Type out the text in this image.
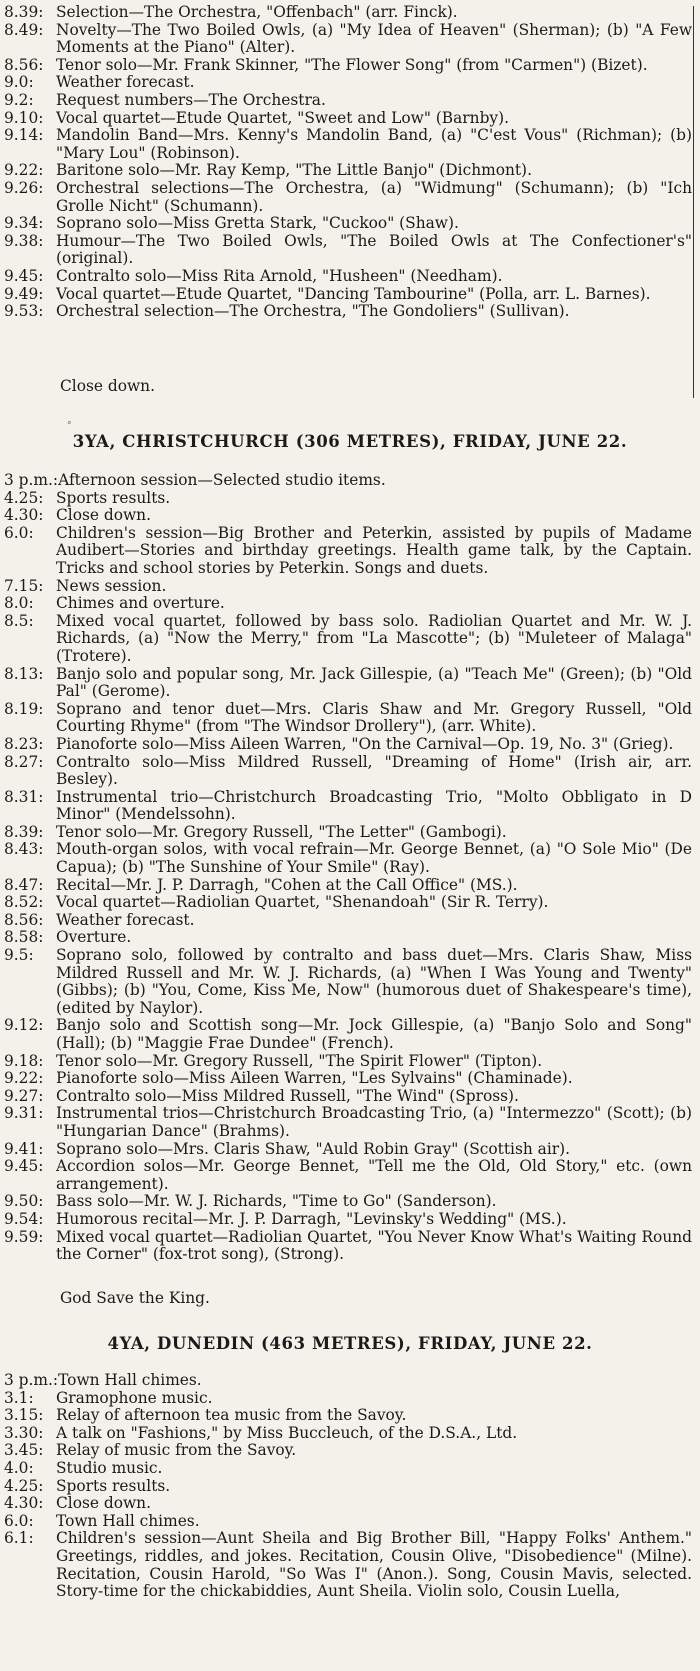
8.39: Selection—The Orchestra, "Offenbach" (arr. Finck).
8.49: Novelty—The Two Boiled Owls, (a) "My Idea of Heaven" (Sherman); (b) "A Few Moments at the Piano" (Alter).
8.56: Tenor solo—Mr. Frank Skinner, "The Flower Song" (from "Carmen") (Bizet).
9.0:	Weather forecast.
9.2:	Request numbers—The Orchestra.
9.10: Vocal quartet—Etude Quartet, "Sweet and Low" (Barnby).
9.14: Mandolin Band—Mrs. Kenny's Mandolin Band, (a) "C'est Vous" (Richman); (b) "Mary Lou" (Robinson).
9.22: Baritone solo—Mr. Ray Kemp, "The Little Banjo" (Dichmont).
9.26: Orchestral selections—The Orchestra, (a) "Widmung" (Schumann); (b) "Ich Grolle Nicht" (Schumann).
9.34: Soprano solo—Miss Gretta Stark, "Cuckoo" (Shaw).
9.38: Humour—The Two Boiled Owls, "The Boiled Owls at The Confectioner's" (original).
9.45: Contralto solo—Miss Rita Arnold, "Husheen" (Needham).
9.49: Vocal quartet—Etude Quartet, "Dancing Tambourine" (Polla, arr. L. Barnes).
9.53: Orchestral selection—The Orchestra, "The Gondoliers" (Sullivan).
Close down.
°
3YA, CHRISTCHURCH (306 METRES), FRIDAY, JUNE 22.
3 p.m.: Afternoon session—Selected studio items.
4.25: Sports results.
4.30: Close down.
6.0:	Children's session—Big Brother and Peterkin, assisted by pupils of Madame Audibert—Stories and birthday greetings. Health game talk, by the Captain. Tricks and school stories by Peterkin. Songs and duets.
7.15: News session.
8.0:	Chimes and overture.
8.5:	Mixed vocal quartet, followed by bass solo. Radiolian Quartet and Mr. W. J. Richards, (a) "Now the Merry," from "La Mascotte"; (b) "Muleteer of Malaga" (Trotere).
8.13: Banjo solo and popular song, Mr. Jack Gillespie, (a) "Teach Me" (Green); (b) "Old Pal" (Gerome).
8.19: Soprano and tenor duet—Mrs. Claris Shaw and Mr. Gregory Russell, "Old Courting Rhyme" (from "The Windsor Drollery"), (arr. White).
8.23: Pianoforte solo—Miss Aileen Warren, "On the Carnival—Op. 19, No. 3" (Grieg).
8.27: Contralto solo—Miss Mildred Russell, "Dreaming of Home" (Irish air, arr. Besley).
8.31: Instrumental trio—Christchurch Broadcasting Trio, "Molto Obbligato in D Minor" (Mendelssohn).
8.39: Tenor solo—Mr. Gregory Russell, "The Letter" (Gambogi).
8.43: Mouth-organ solos, with vocal refrain—Mr. George Bennet, (a) "O Sole Mio" (De Capua); (b) "The Sunshine of Your Smile" (Ray).
8.47: Recital—Mr. J. P. Darragh, "Cohen at the Call Office" (MS.).
8.52: Vocal quartet—Radiolian Quartet, "Shenandoah" (Sir R. Terry).
8.56: Weather forecast.
8.58: Overture.
9.5:	Soprano solo, followed by contralto and bass duet—Mrs. Claris Shaw, Miss Mildred Russell and Mr. W. J. Richards, (a) "When I Was Young and Twenty" (Gibbs); (b) "You, Come, Kiss Me, Now" (humorous duet of Shakespeare's time), (edited by Naylor).
9.12: Banjo solo and Scottish song—Mr. Jock Gillespie, (a) "Banjo Solo and Song" (Hall); (b) "Maggie Frae Dundee" (French).
9.18: Tenor solo—Mr. Gregory Russell, "The Spirit Flower" (Tipton).
9.22: Pianoforte solo—Miss Aileen Warren, "Les Sylvains" (Chaminade).
9.27: Contralto solo—Miss Mildred Russell, "The Wind" (Spross).
9.31: Instrumental trios—Christchurch Broadcasting Trio, (a) "Intermezzo" (Scott); (b) "Hungarian Dance" (Brahms).
9.41: Soprano solo—Mrs. Claris Shaw, "Auld Robin Gray" (Scottish air).
9.45: Accordion solos—Mr. George Bennet, "Tell me the Old, Old Story," etc. (own arrangement).
9.50: Bass solo—Mr. W. J. Richards, "Time to Go" (Sanderson).
9.54: Humorous recital—Mr. J. P. Darragh, "Levinsky's Wedding" (MS.).
9.59: Mixed vocal quartet—Radiolian Quartet, "You Never Know What's Waiting Round the Corner" (fox-trot song), (Strong).
God Save the King.
4YA, DUNEDIN (463 METRES), FRIDAY, JUNE 22.
3 p.m.: Town Hall chimes.
3.1:	Gramophone music.
3.15: Relay of afternoon tea music from the Savoy.
3.30: A talk on "Fashions," by Miss Buccleuch, of the D.S.A., Ltd.
3.45: Relay of music from the Savoy.
4.0:	Studio music.
4.25: Sports results.
4.30: Close down.
6.0:	Town Hall chimes.
6.1:	Children's session—Aunt Sheila and Big Brother Bill, "Happy Folks' Anthem." Greetings, riddles, and jokes. Recitation, Cousin Olive, "Disobedience" (Milne). Recitation, Cousin Harold, "So Was I" (Anon.). Song, Cousin Mavis, selected. Story-time for the chickabiddies, Aunt Sheila. Violin solo, Cousin Luella,
